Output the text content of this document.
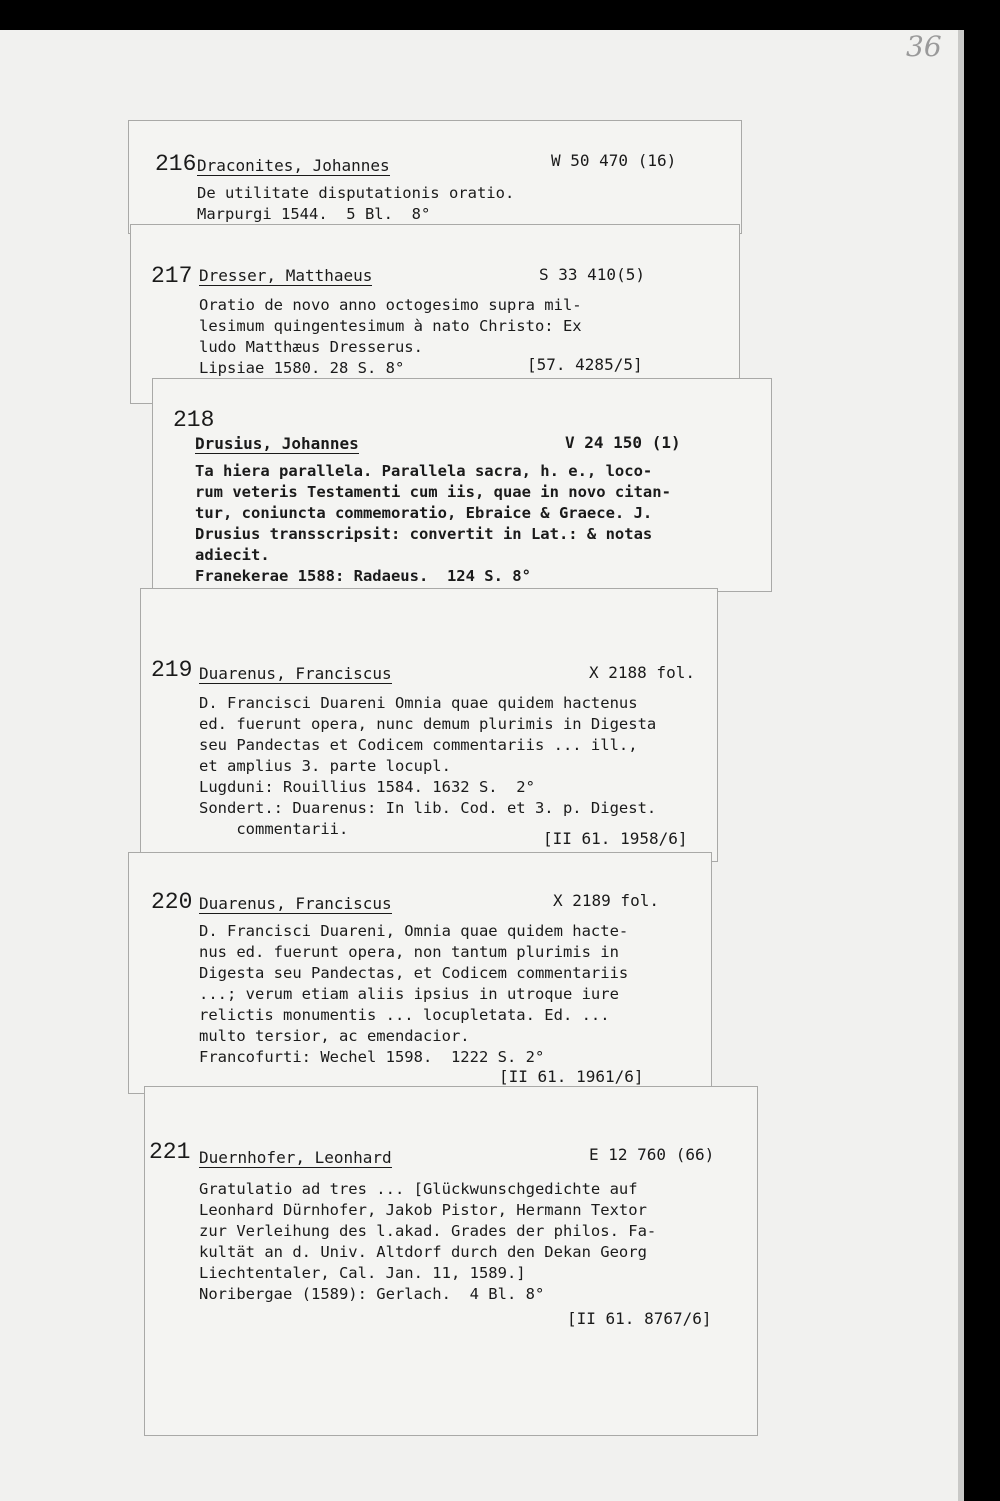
36
216 Draconites, Johannes	W 50 470 (16)
De utilitate disputationis oratio.
Marpurgi 1544.  5 Bl.  8°
217 Dresser, Matthaeus	S 33 410(5)
Oratio de novo anno octogesimo supra mil-
lesimum quingentesimum à nato Christo: Ex
ludo Matthæus Dresserus.
Lipsiae 1580. 28 S. 8°	[57. 4285/5]
218
Drusius, Johannes	V 24 150 (1)
Ta hiera parallela. Parallela sacra, h. e., loco-
rum veteris Testamenti cum iis, quae in novo citan-
tur, coniuncta commemoratio, Ebraice & Graece. J.
Drusius transscripsit: convertit in Lat.: & notas
adiecit.
Franekerae 1588: Radaeus.  124 S. 8°
219 Duarenus, Franciscus	X 2188 fol.
D. Francisci Duareni Omnia quae quidem hactenus
ed. fuerunt opera, nunc demum plurimis in Digesta
seu Pandectas et Codicem commentariis ... ill.,
et amplius 3. parte locupl.
Lugduni: Rouillius 1584. 1632 S.  2°
Sondert.: Duarenus: In lib. Cod. et 3. p. Digest.
commentarii.	[II 61. 1958/6]
220 Duarenus, Franciscus	X 2189 fol.
D. Francisci Duareni, Omnia quae quidem hacte-
nus ed. fuerunt opera, non tantum plurimis in
Digesta seu Pandectas, et Codicem commentariis
...; verum etiam aliis ipsius in utroque iure
relictis monumentis ... locupletata. Ed. ...
multo tersior, ac emendacior.
Francofurti: Wechel 1598.  1222 S. 2°
[II 61. 1961/6]
221 Duernhofer, Leonhard	E 12 760 (66)
Gratulatio ad tres ... [Glückwunschgedichte auf
Leonhard Dürnhofer, Jakob Pistor, Hermann Textor
zur Verleihung des l.akad. Grades der philos. Fa-
kultät an d. Univ. Altdorf durch den Dekan Georg
Liechtentaler, Cal. Jan. 11, 1589.]
Noribergae (1589): Gerlach.  4 Bl. 8°
[II 61. 8767/6]
